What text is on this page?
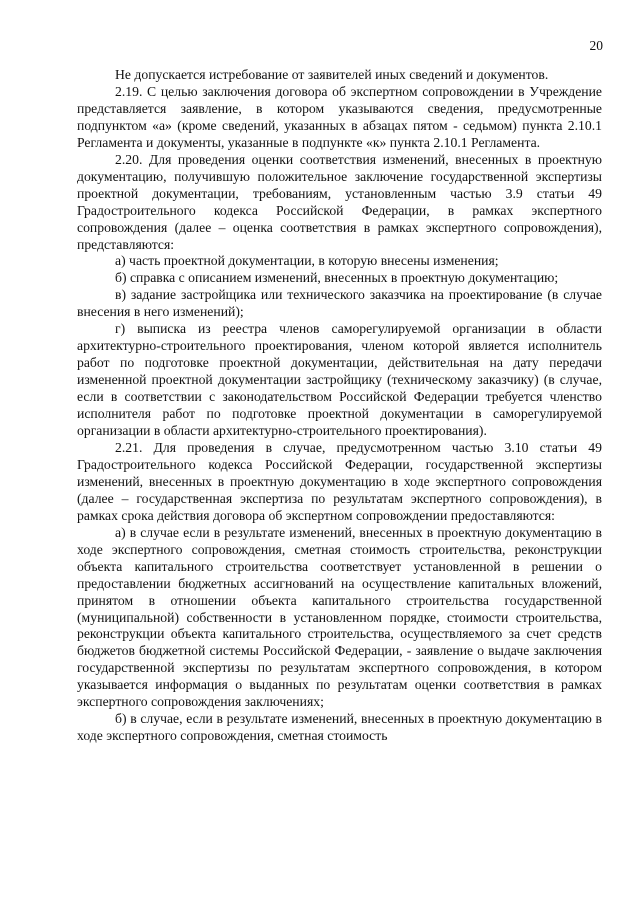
20

Не допускается истребование от заявителей иных сведений и документов.

2.19. С целью заключения договора об экспертном сопровождении в Учреждение представляется заявление, в котором указываются сведения, предусмотренные подпунктом «а» (кроме сведений, указанных в абзацах пятом - седьмом) пункта 2.10.1 Регламента и документы, указанные в подпункте «к» пункта 2.10.1 Регламента.

2.20. Для проведения оценки соответствия изменений, внесенных в проектную документацию, получившую положительное заключение государственной экспертизы проектной документации, требованиям, установленным частью 3.9 статьи 49 Градостроительного кодекса Российской Федерации, в рамках экспертного сопровождения (далее – оценка соответствия в рамках экспертного сопровождения), представляются:

а) часть проектной документации, в которую внесены изменения;

б) справка с описанием изменений, внесенных в проектную документацию;

в) задание застройщика или технического заказчика на проектирование (в случае внесения в него изменений);

г) выписка из реестра членов саморегулируемой организации в области архитектурно-строительного проектирования, членом которой является исполнитель работ по подготовке проектной документации, действительная на дату передачи измененной проектной документации застройщику (техническому заказчику) (в случае, если в соответствии с законодательством Российской Федерации требуется членство исполнителя работ по подготовке проектной документации в саморегулируемой организации в области архитектурно-строительного проектирования).

2.21. Для проведения в случае, предусмотренном частью 3.10 статьи 49 Градостроительного кодекса Российской Федерации, государственной экспертизы изменений, внесенных в проектную документацию в ходе экспертного сопровождения (далее – государственная экспертиза по результатам экспертного сопровождения), в рамках срока действия договора об экспертном сопровождении предоставляются:

а) в случае если в результате изменений, внесенных в проектную документацию в ходе экспертного сопровождения, сметная стоимость строительства, реконструкции объекта капитального строительства соответствует установленной в решении о предоставлении бюджетных ассигнований на осуществление капитальных вложений, принятом в отношении объекта капитального строительства государственной (муниципальной) собственности в установленном порядке, стоимости строительства, реконструкции объекта капитального строительства, осуществляемого за счет средств бюджетов бюджетной системы Российской Федерации, - заявление о выдаче заключения государственной экспертизы по результатам экспертного сопровождения, в котором указывается информация о выданных по результатам оценки соответствия в рамках экспертного сопровождения заключениях;

б) в случае, если в результате изменений, внесенных в проектную документацию в ходе экспертного сопровождения, сметная стоимость
